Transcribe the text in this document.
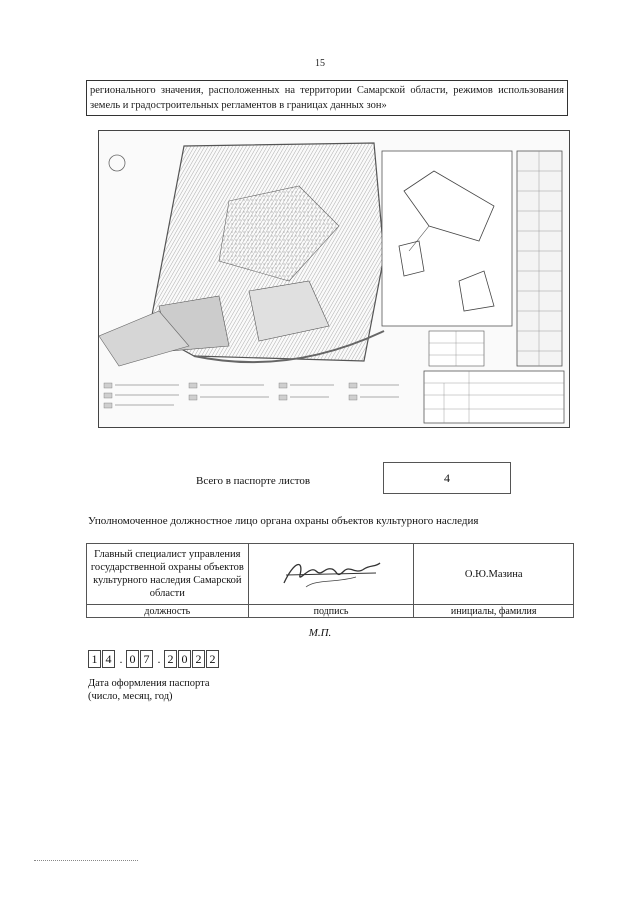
15
регионального значения, расположенных на территории Самарской области, режимов использования земель и градостроительных регламентов в границах данных зон»
Всего в паспорте листов	4
Уполномоченное должностное лицо органа охраны объектов культурного наследия
Главный специалист управления государственной охраны объектов культурного наследия Самарской области		О.Ю.Мазина
должность	подпись	инициалы, фамилия
М.П.
1 4 . 0 7 . 2 0 2 2
Дата оформления паспорта
(число, месяц, год)
